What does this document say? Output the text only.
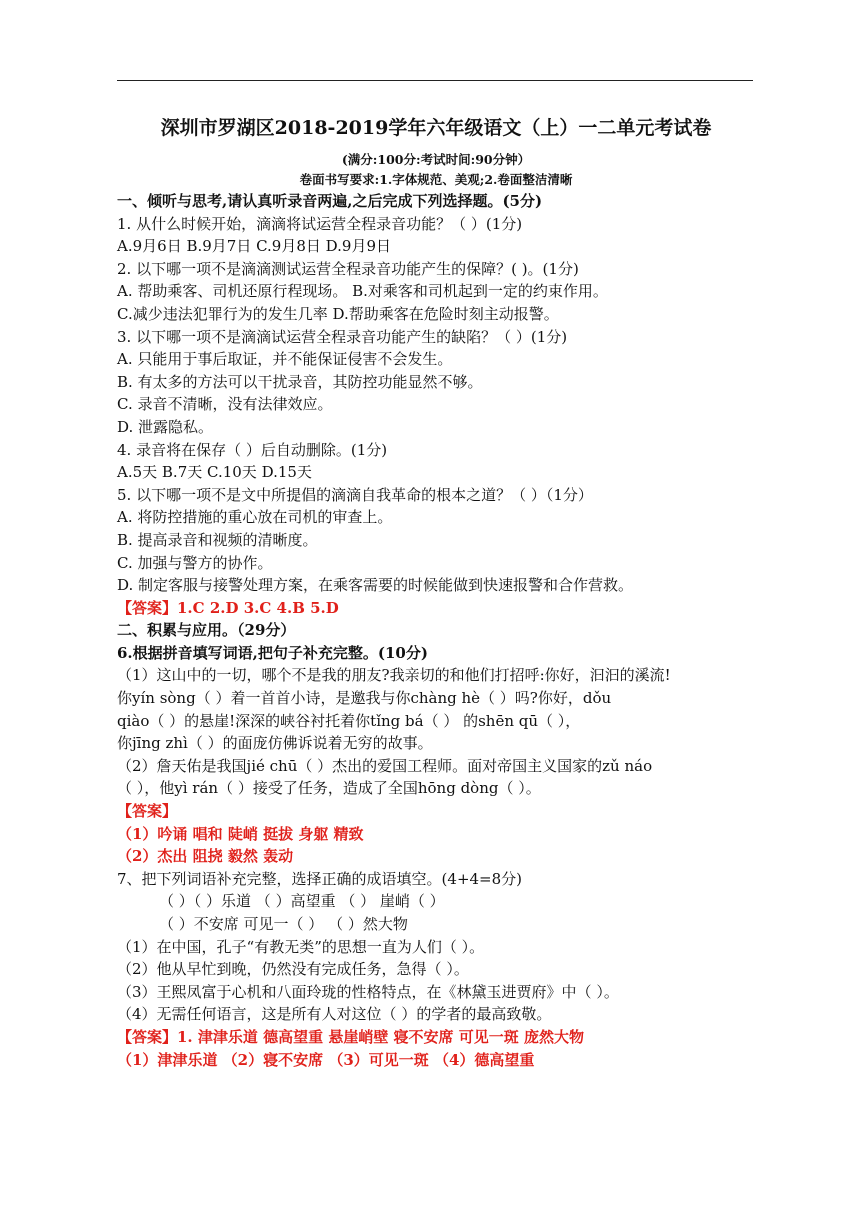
深圳市罗湖区2018-2019学年六年级语文（上）一二单元考试卷
(满分:100分:考试时间:90分钟）
卷面书写要求:1.字体规范、美观;2.卷面整洁清晰
一、倾听与思考,请认真听录音两遍,之后完成下列选择题。(5分)
1. 从什么时候开始，滴滴将试运营全程录音功能？（ ）(1分)
A.9月6日 B.9月7日 C.9月8日 D.9月9日
2. 以下哪一项不是滴滴测试运营全程录音功能产生的保障？( )。(1分)
A. 帮助乘客、司机还原行程现场。 B.对乘客和司机起到一定的约束作用。
C.减少违法犯罪行为的发生几率 D.帮助乘客在危险时刻主动报警。
3. 以下哪一项不是滴滴试运营全程录音功能产生的缺陷？（ ）(1分)
A. 只能用于事后取证，并不能保证侵害不会发生。
B. 有太多的方法可以干扰录音，其防控功能显然不够。
C. 录音不清晰，没有法律效应。
D. 泄露隐私。
4. 录音将在保存（ ）后自动删除。(1分)
A.5天 B.7天 C.10天 D.15天
5. 以下哪一项不是文中所提倡的滴滴自我革命的根本之道？（ ）（1分）
A. 将防控措施的重心放在司机的审查上。
B. 提高录音和视频的清晰度。
C. 加强与警方的协作。
D. 制定客服与接警处理方案，在乘客需要的时候能做到快速报警和合作营救。
【答案】1.C 2.D 3.C 4.B 5.D
二、积累与应用。（29分）
6.根据拼音填写词语,把句子补充完整。(10分)
（1）这山中的一切，哪个不是我的朋友?我亲切的和他们打招呼:你好，汩汩的溪流!
你yín sòng（ ）着一首首小诗，是邀我与你chàng hè（ ）吗?你好，dǒu
qiào（ ）的悬崖!深深的峡谷衬托着你tǐng bá（ ） 的shēn qū（ ），
你jīng zhì（ ）的面庞仿佛诉说着无穷的故事。
（2）詹天佑是我国jié chū（ ）杰出的爱国工程师。面对帝国主义国家的zǔ náo
（ ），他yì rán（ ）接受了任务，造成了全国hōng dòng（ ）。
【答案】
（1）吟诵 唱和 陡峭 挺拔 身躯 精致
（2）杰出 阻挠 毅然 轰动
7、把下列词语补充完整，选择正确的成语填空。(4+4=8分)
（ ）（ ）乐道 （ ）高望重 （ ） 崖峭（ ）
（ ）不安席 可见一（ ） （ ）然大物
（1）在中国，孔子“有教无类”的思想一直为人们（ ）。
（2）他从早忙到晚，仍然没有完成任务，急得（ ）。
（3）王熙凤富于心机和八面玲珑的性格特点，在《林黛玉进贾府》中（ ）。
（4）无需任何语言，这是所有人对这位（ ）的学者的最高致敬。
【答案】1. 津津乐道 德高望重 悬崖峭壁 寝不安席 可见一斑 庞然大物
（1）津津乐道 （2）寝不安席 （3）可见一斑 （4）德高望重
